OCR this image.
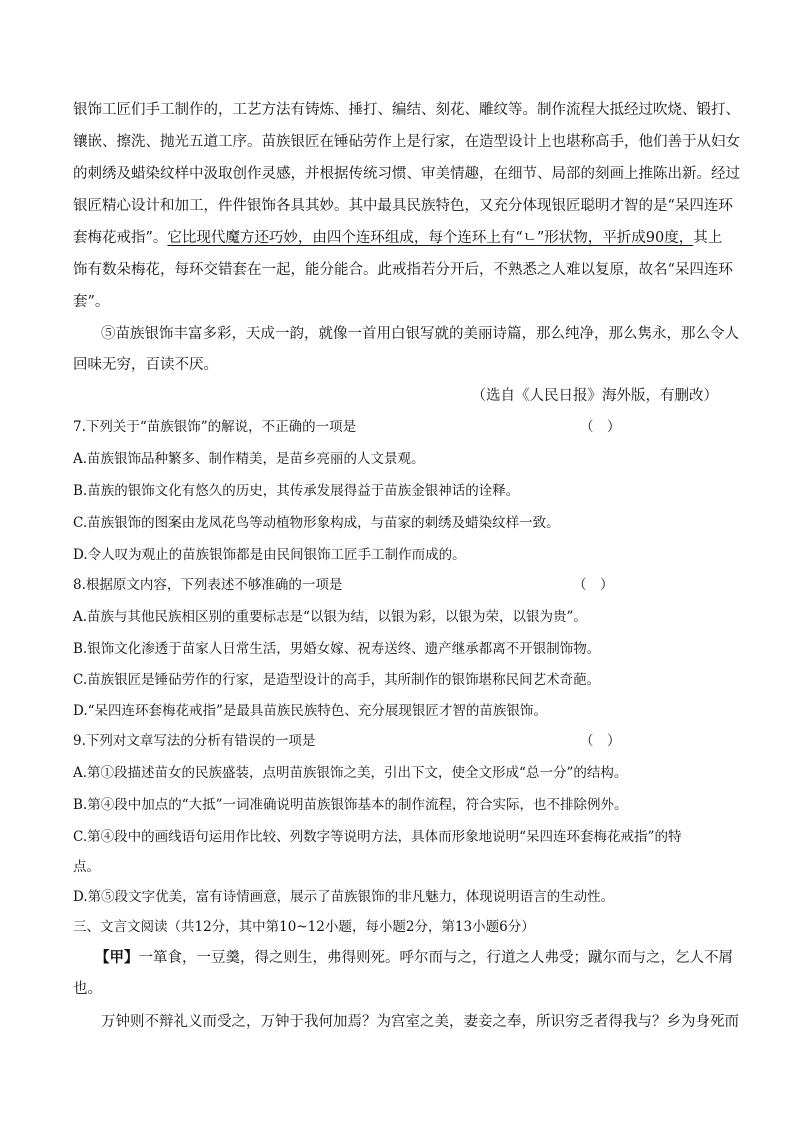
银饰工匠们手工制作的，工艺方法有铸炼、捶打、编结、刻花、雕纹等。制作流程大抵经过吹烧、锻打、
镶嵌、擦洗、抛光五道工序。苗族银匠在锤砧劳作上是行家，在造型设计上也堪称高手，他们善于从妇女
的刺绣及蜡染纹样中汲取创作灵感，并根据传统习惯、审美情趣，在细节、局部的刻画上推陈出新。经过
银匠精心设计和加工，件件银饰各具其妙。其中最具民族特色，又充分体现银匠聪明才智的是“呆四连环
套梅花戒指”。它比现代魔方还巧妙，由四个连环组成，每个连环上有“ㄴ”形状物，平折成90度，其上
饰有数朵梅花，每环交错套在一起，能分能合。此戒指若分开后，不熟悉之人难以复原，故名“呆四连环
套”。
⑤苗族银饰丰富多彩，天成一韵，就像一首用白银写就的美丽诗篇，那么纯净，那么隽永，那么令人
回味无穷，百读不厌。
（选自《人民日报》海外版，有删改）
7.下列关于“苗族银饰”的解说，不正确的一项是	（　）
A.苗族银饰品种繁多、制作精美，是苗乡亮丽的人文景观。
B.苗族的银饰文化有悠久的历史，其传承发展得益于苗族金银神话的诠释。
C.苗族银饰的图案由龙凤花鸟等动植物形象构成，与苗家的刺绣及蜡染纹样一致。
D.令人叹为观止的苗族银饰都是由民间银饰工匠手工制作而成的。
8.根据原文内容，下列表述不够准确的一项是	（　）
A.苗族与其他民族相区别的重要标志是“以银为结，以银为彩，以银为荣，以银为贵”。
B.银饰文化渗透于苗家人日常生活，男婚女嫁、祝寿送终、遗产继承都离不开银制饰物。
C.苗族银匠是锤砧劳作的行家，是造型设计的高手，其所制作的银饰堪称民间艺术奇葩。
D.“呆四连环套梅花戒指”是最具苗族民族特色、充分展现银匠才智的苗族银饰。
9.下列对文章写法的分析有错误的一项是	（　）
A.第①段描述苗女的民族盛装，点明苗族银饰之美，引出下文，使全文形成“总一分”的结构。
B.第④段中加点的“大抵”一词准确说明苗族银饰基本的制作流程，符合实际，也不排除例外。
C.第④段中的画线语句运用作比较、列数字等说明方法，具体而形象地说明“呆四连环套梅花戒指”的特
点。
D.第⑤段文字优美，富有诗情画意，展示了苗族银饰的非凡魅力，体现说明语言的生动性。
三、文言文阅读（共12分，其中第10~12小题，每小题2分，第13小题6分）
【甲】一箪食，一豆羹，得之则生，弗得则死。呼尔而与之，行道之人弗受；蹴尔而与之，乞人不屑
也。
万钟则不辩礼义而受之，万钟于我何加焉？为宫室之美，妻妾之奉，所识穷乏者得我与？乡为身死而
